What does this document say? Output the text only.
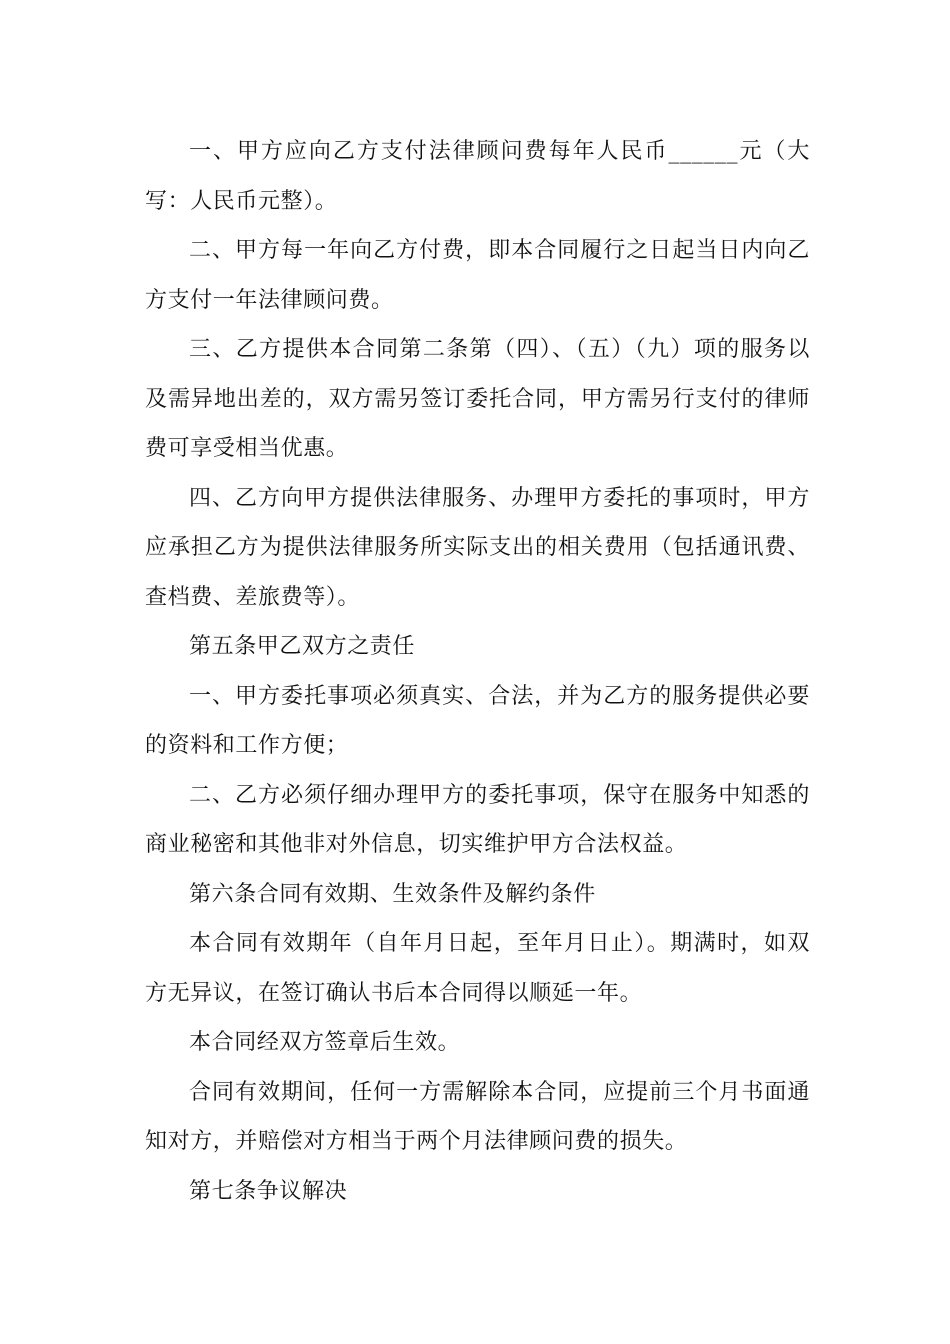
一、甲方应向乙方支付法律顾问费每年人民币______元（大写：人民币元整）。

二、甲方每一年向乙方付费，即本合同履行之日起当日内向乙方支付一年法律顾问费。

三、乙方提供本合同第二条第（四）、（五）（九）项的服务以及需异地出差的，双方需另签订委托合同，甲方需另行支付的律师费可享受相当优惠。

四、乙方向甲方提供法律服务、办理甲方委托的事项时，甲方应承担乙方为提供法律服务所实际支出的相关费用（包括通讯费、查档费、差旅费等）。

第五条甲乙双方之责任

一、甲方委托事项必须真实、合法，并为乙方的服务提供必要的资料和工作方便；

二、乙方必须仔细办理甲方的委托事项，保守在服务中知悉的商业秘密和其他非对外信息，切实维护甲方合法权益。

第六条合同有效期、生效条件及解约条件

本合同有效期年（自年月日起，至年月日止）。期满时，如双方无异议，在签订确认书后本合同得以顺延一年。

本合同经双方签章后生效。

合同有效期间，任何一方需解除本合同，应提前三个月书面通知对方，并赔偿对方相当于两个月法律顾问费的损失。

第七条争议解决
